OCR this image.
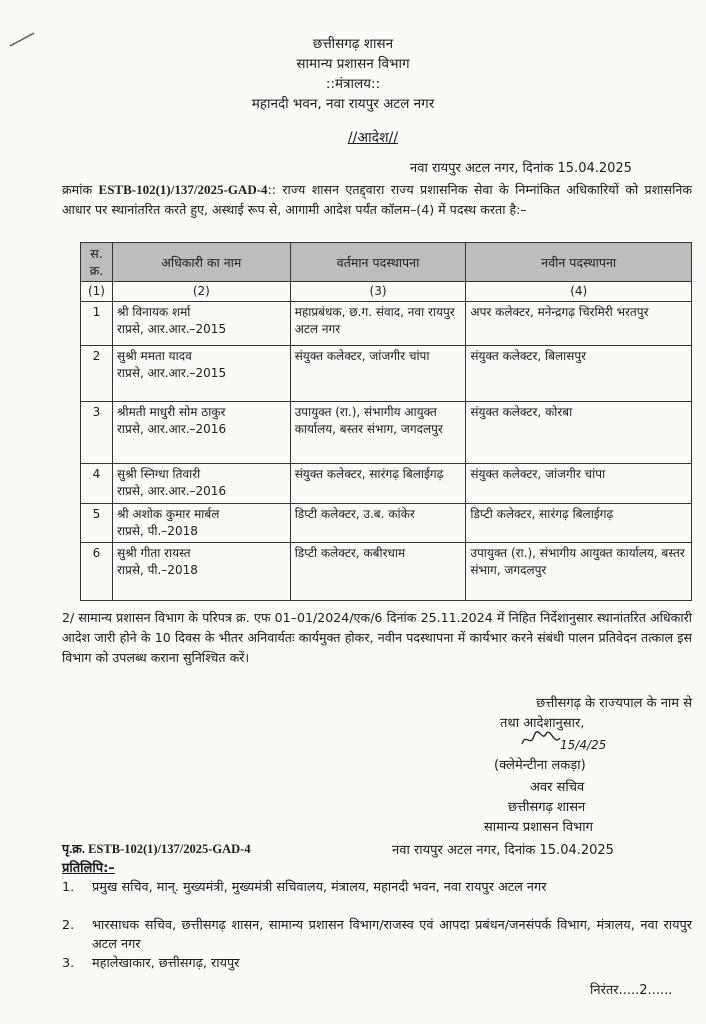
छत्तीसगढ़ शासन
सामान्य प्रशासन विभाग
::मंत्रालय::
महानदी भवन, नवा रायपुर अटल नगर
//आदेश//
नवा रायपुर अटल नगर, दिनांक 15.04.2025
क्रमांक ESTB-102(1)/137/2025-GAD-4:: राज्य शासन एतद्द्वारा राज्य प्रशासनिक सेवा के निम्नांकित अधिकारियों को प्रशासनिक आधार पर स्थानांतरित करते हुए, अस्थाई रूप से, आगामी आदेश पर्यंत कॉलम–(4) में पदस्थ करता है:–
स. क्र.	अधिकारी का नाम	वर्तमान पदस्थापना	नवीन पदस्थापना
(1)	(2)	(3)	(4)
1	श्री विनायक शर्मा
राप्रसे, आर.आर.–2015	महाप्रबंधक, छ.ग. संवाद, नवा रायपुर अटल नगर	अपर कलेक्टर, मनेन्द्रगढ़ चिरमिरी भरतपुर
2	सुश्री ममता यादव
राप्रसे, आर.आर.–2015	संयुक्त कलेक्टर, जांजगीर चांपा	संयुक्त कलेक्टर, बिलासपुर
3	श्रीमती माधुरी सोम ठाकुर
राप्रसे, आर.आर.–2016	उपायुक्त (रा.), संभागीय आयुक्त कार्यालय, बस्तर संभाग, जगदलपुर	संयुक्त कलेक्टर, कोरबा
4	सुश्री स्निग्धा तिवारी
राप्रसे, आर.आर.–2016	संयुक्त कलेक्टर, सारंगढ़ बिलाईगढ़	संयुक्त कलेक्टर, जांजगीर चांपा
5	श्री अशोक कुमार मार्बल
राप्रसे, पी.–2018	डिप्टी कलेक्टर, उ.ब. कांकेर	डिप्टी कलेक्टर, सारंगढ़ बिलाईगढ़
6	सुश्री गीता रायस्त
राप्रसे, पी.–2018	डिप्टी कलेक्टर, कबीरधाम	उपायुक्त (रा.), संभागीय आयुक्त कार्यालय, बस्तर संभाग, जगदलपुर
2/ सामान्य प्रशासन विभाग के परिपत्र क्र. एफ 01–01/2024/एक/6 दिनांक 25.11.2024 में निहित निर्देशानुसार स्थानांतरित अधिकारी आदेश जारी होने के 10 दिवस के भीतर अनिवार्यतः कार्यमुक्त होकर, नवीन पदस्थापना में कार्यभार करने संबंधी पालन प्रतिवेदन तत्काल इस विभाग को उपलब्ध कराना सुनिश्चित करें।
छत्तीसगढ़ के राज्यपाल के नाम से
तथा आदेशानुसार,
15/4/25
(क्लेमेन्टीना लकड़ा)
अवर सचिव
छत्तीसगढ़ शासन
सामान्य प्रशासन विभाग
पृ.क्र. ESTB-102(1)/137/2025-GAD-4	नवा रायपुर अटल नगर, दिनांक 15.04.2025
प्रतिलिपि:–
1. प्रमुख सचिव, मान्. मुख्यमंत्री, मुख्यमंत्री सचिवालय, मंत्रालय, महानदी भवन, नवा रायपुर अटल नगर
2. भारसाधक सचिव, छत्तीसगढ़ शासन, सामान्य प्रशासन विभाग/राजस्व एवं आपदा प्रबंधन/जनसंपर्क विभाग, मंत्रालय, नवा रायपुर अटल नगर
3. महालेखाकार, छत्तीसगढ़, रायपुर
निरंतर.....2......
